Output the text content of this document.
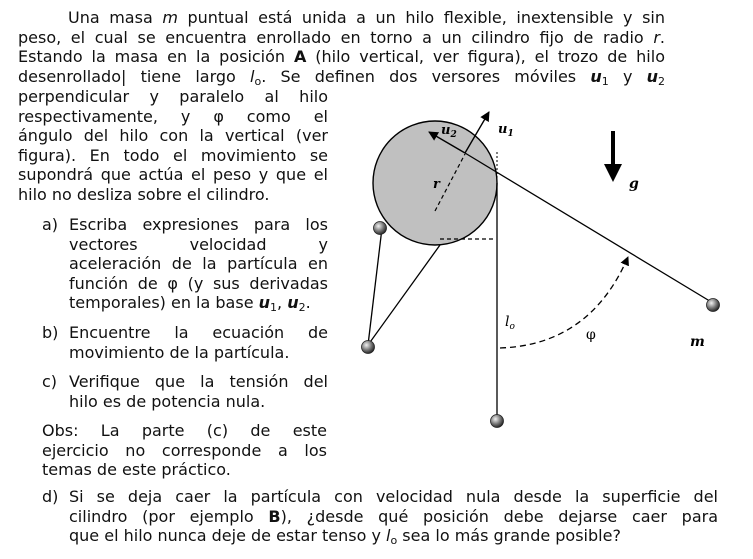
Una masa m puntual está unida a un hilo flexible, inextensible y sin
peso, el cual se encuentra enrollado en torno a un cilindro fijo de radio r.
Estando la masa en la posición A (hilo vertical, ver figura), el trozo de hilo
desenrollado| tiene largo $l_o$. Se definen dos versores móviles $u_1$ y $u_2$
perpendicular y paralelo al hilo
respectivamente, y φ como el
ángulo del hilo con la vertical (ver
figura). En todo el movimiento se
supondrá que actúa el peso y que el
hilo no desliza sobre el cilindro.
a) Escriba expresiones para los
vectores velocidad y
aceleración de la partícula en
función de φ (y sus derivadas
temporales) en la base $u_1$, $u_2$.
b) Encuentre la ecuación de
movimiento de la partícula.
c) Verifique que la tensión del
hilo es de potencia nula.
Obs: La parte (c) de este
ejercicio no corresponde a los
temas de este práctico.
d) Si se deja caer la partícula con velocidad nula desde la superficie del
cilindro (por ejemplo B), ¿desde qué posición debe dejarse caer para
que el hilo nunca deje de estar tenso y $l_o$ sea lo más grande posible?
$u_2$	$u_1$
r	g
$l_o$	φ	m
